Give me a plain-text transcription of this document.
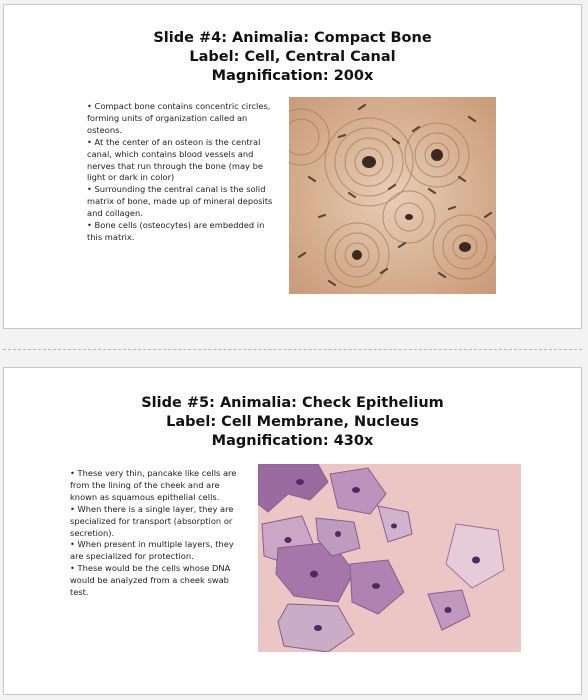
Slide #4: Animalia: Compact Bone
Label: Cell, Central Canal
Magnification: 200x
• Compact bone contains concentric circles, forming units of organization called an osteons.
• At the center of an osteon is the central canal, which contains blood vessels and nerves that run through the bone (may be light or dark in color)
• Surrounding the central canal is the solid matrix of bone, made up of mineral deposits and collagen.
• Bone cells (osteocytes) are embedded in this matrix.
Slide #5: Animalia: Check Epithelium
Label: Cell Membrane, Nucleus
Magnification: 430x
• These very thin, pancake like cells are from the lining of the cheek and are known as squamous epithelial cells.
• When there is a single layer, they are specialized for transport (absorption or secretion).
• When present in multiple layers, they are specialized for protection.
• These would be the cells whose DNA would be analyzed from a cheek swab test.
